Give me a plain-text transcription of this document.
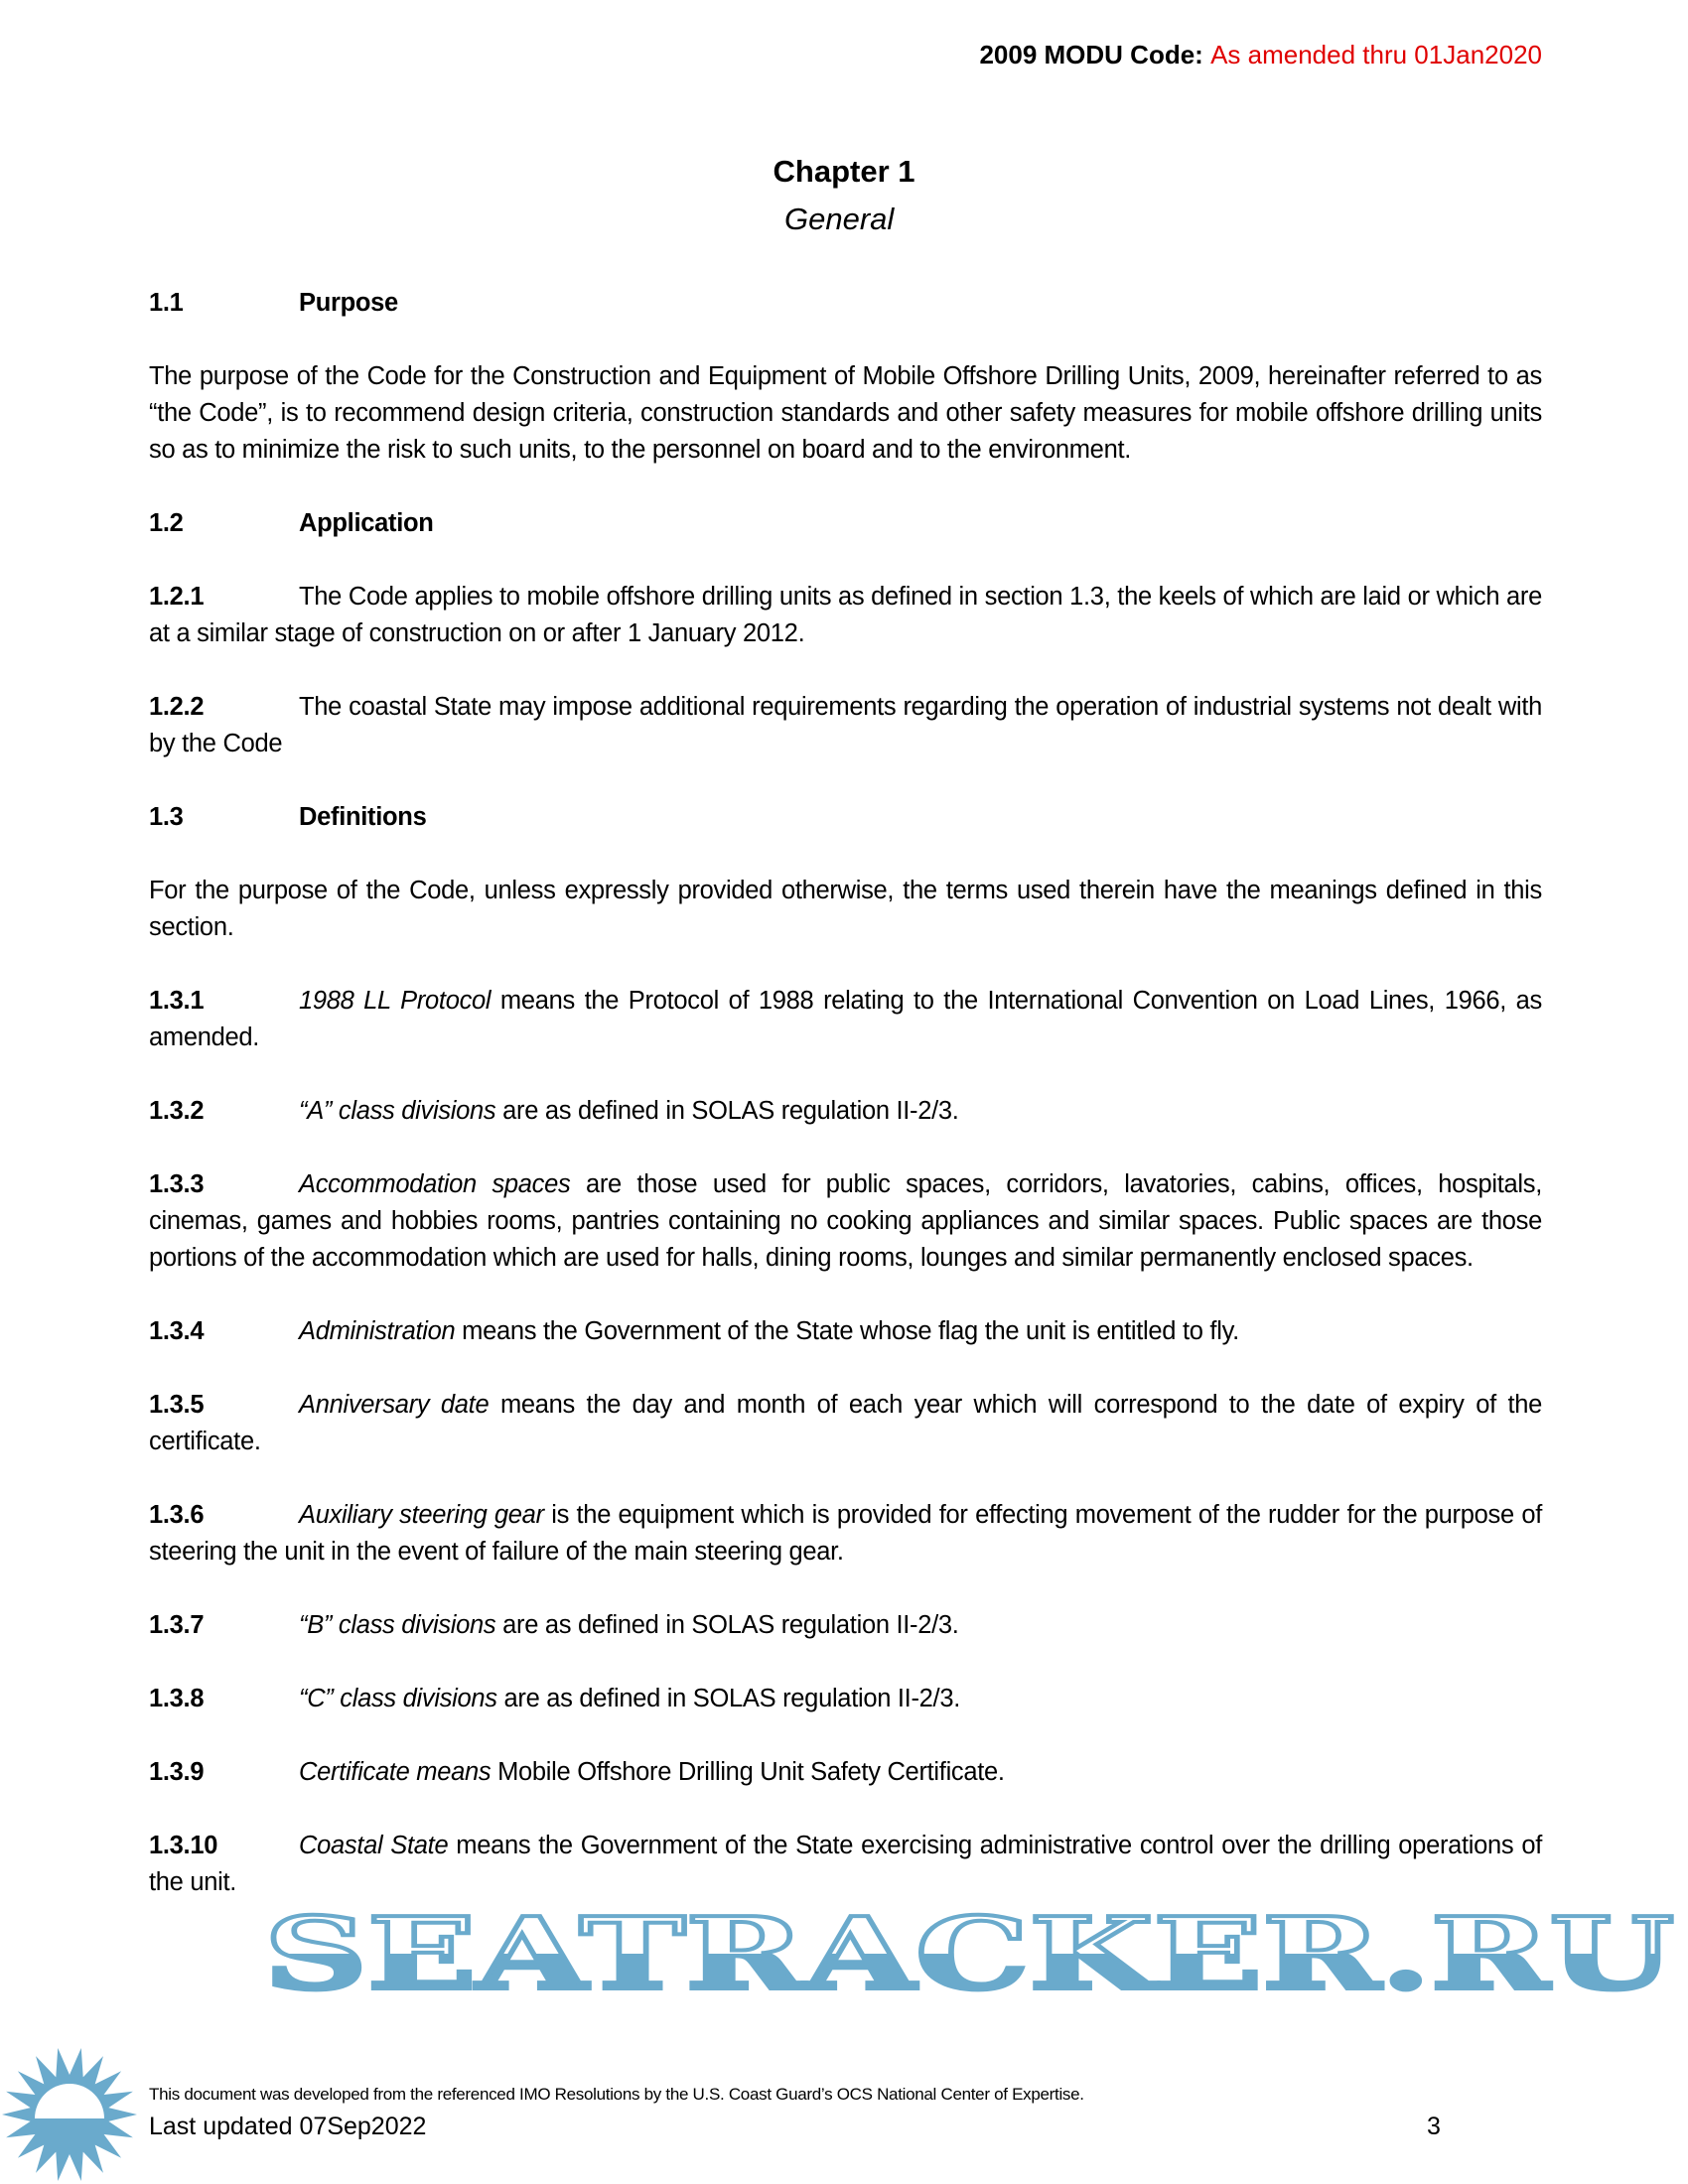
2009 MODU Code: As amended thru 01Jan2020
Chapter 1
General
1.1	Purpose
The purpose of the Code for the Construction and Equipment of Mobile Offshore Drilling Units, 2009, hereinafter referred to as “the Code”, is to recommend design criteria, construction standards and other safety measures for mobile offshore drilling units so as to minimize the risk to such units, to the personnel on board and to the environment.
1.2	Application
1.2.1	The Code applies to mobile offshore drilling units as defined in section 1.3, the keels of which are laid or which are at a similar stage of construction on or after 1 January 2012.
1.2.2	The coastal State may impose additional requirements regarding the operation of industrial systems not dealt with by the Code
1.3	Definitions
For the purpose of the Code, unless expressly provided otherwise, the terms used therein have the meanings defined in this section.
1.3.1	1988 LL Protocol means the Protocol of 1988 relating to the International Convention on Load Lines, 1966, as amended.
1.3.2	“A” class divisions are as defined in SOLAS regulation II-2/3.
1.3.3	Accommodation spaces are those used for public spaces, corridors, lavatories, cabins, offices, hospitals, cinemas, games and hobbies rooms, pantries containing no cooking appliances and similar spaces. Public spaces are those portions of the accommodation which are used for halls, dining rooms, lounges and similar permanently enclosed spaces.
1.3.4	Administration means the Government of the State whose flag the unit is entitled to fly.
1.3.5	Anniversary date means the day and month of each year which will correspond to the date of expiry of the certificate.
1.3.6	Auxiliary steering gear is the equipment which is provided for effecting movement of the rudder for the purpose of steering the unit in the event of failure of the main steering gear.
1.3.7	“B” class divisions are as defined in SOLAS regulation II-2/3.
1.3.8	“C” class divisions are as defined in SOLAS regulation II-2/3.
1.3.9	Certificate means Mobile Offshore Drilling Unit Safety Certificate.
1.3.10	Coastal State means the Government of the State exercising administrative control over the drilling operations of the unit.
SEATRACKER.RU
This document was developed from the referenced IMO Resolutions by the U.S. Coast Guard’s OCS National Center of Expertise.
Last updated 07Sep2022	3
